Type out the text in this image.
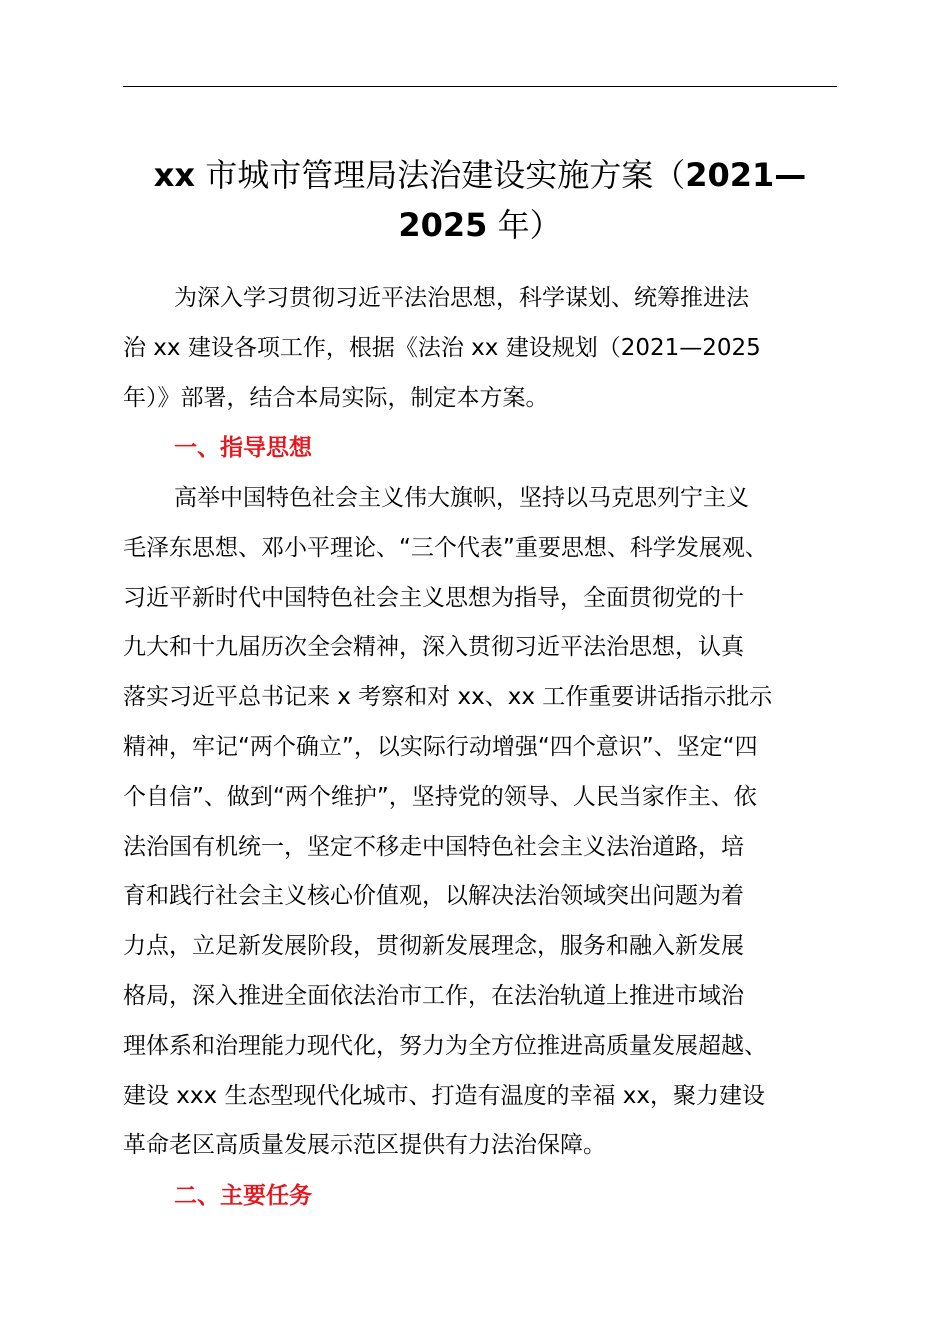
xx 市城市管理局法治建设实施方案（2021—
2025 年）

为深入学习贯彻习近平法治思想，科学谋划、统筹推进法
治 xx 建设各项工作，根据《法治 xx 建设规划（2021—2025
年）》部署，结合本局实际，制定本方案。

一、指导思想

高举中国特色社会主义伟大旗帜，坚持以马克思列宁主义
毛泽东思想、邓小平理论、“三个代表”重要思想、科学发展观、
习近平新时代中国特色社会主义思想为指导，全面贯彻党的十
九大和十九届历次全会精神，深入贯彻习近平法治思想，认真
落实习近平总书记来 x 考察和对 xx、xx 工作重要讲话指示批示
精神，牢记“两个确立”，以实际行动增强“四个意识”、坚定“四
个自信”、做到“两个维护”，坚持党的领导、人民当家作主、依
法治国有机统一，坚定不移走中国特色社会主义法治道路，培
育和践行社会主义核心价值观，以解决法治领域突出问题为着
力点，立足新发展阶段，贯彻新发展理念，服务和融入新发展
格局，深入推进全面依法治市工作，在法治轨道上推进市域治
理体系和治理能力现代化，努力为全方位推进高质量发展超越、
建设 xxx 生态型现代化城市、打造有温度的幸福 xx，聚力建设
革命老区高质量发展示范区提供有力法治保障。

二、主要任务
